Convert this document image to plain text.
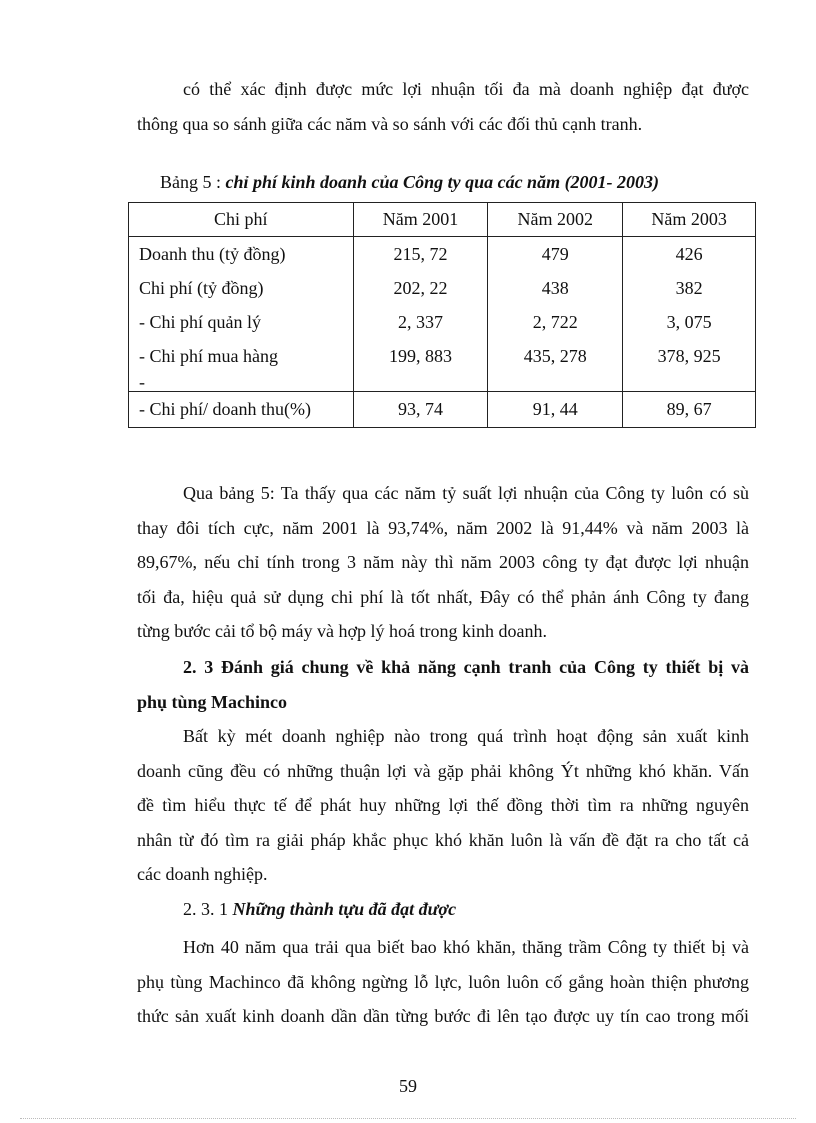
có thể xác định được mức lợi nhuận tối đa mà doanh nghiệp đạt được
thông qua so sánh giữa các năm và so sánh với các đối thủ cạnh tranh.

Bảng 5 : chỉ phí kinh doanh của Công ty qua các năm (2001- 2003)

Chi phí	Năm 2001	Năm 2002	Năm 2003
Doanh thu (tỷ đồng)	215, 72	479	426
Chi phí (tỷ đồng)	202, 22	438	382
- Chi phí quản lý	2, 337	2, 722	3, 075
- Chi phí mua hàng	199, 883	435, 278	378, 925
-			
- Chi phí/ doanh thu(%)	93, 74	91, 44	89, 67

Qua bảng 5: Ta thấy qua các năm tỷ suất lợi nhuận của Công ty luôn có sù
thay đôi tích cực, năm 2001 là 93,74%, năm 2002 là 91,44% và năm 2003 là
89,67%, nếu chỉ tính trong 3 năm này thì năm 2003 công ty đạt được lợi nhuận
tối đa, hiệu quả sử dụng chi phí là tốt nhất, Đây có thể phản ánh Công ty đang
từng bước cải tổ bộ máy và hợp lý hoá trong kinh doanh.

2. 3 Đánh giá chung về khả năng cạnh tranh của Công ty thiết bị và
phụ tùng Machinco

Bất kỳ mét doanh nghiệp nào trong quá trình hoạt động sản xuất kinh
doanh cũng đều có những thuận lợi và gặp phải không Ýt những khó khăn. Vấn
đề tìm hiểu thực tế để phát huy những lợi thế đồng thời tìm ra những nguyên
nhân từ đó tìm ra giải pháp khắc phục khó khăn luôn là vấn đề đặt ra cho tất cả
các doanh nghiệp.

2. 3. 1 Những thành tựu đã đạt được

Hơn 40 năm qua trải qua biết bao khó khăn, thăng trầm Công ty thiết bị và
phụ tùng Machinco đã không ngừng lỗ lực, luôn luôn cố gắng hoàn thiện phương
thức sản xuất kinh doanh dần dần từng bước đi lên tạo được uy tín cao trong mối

59
